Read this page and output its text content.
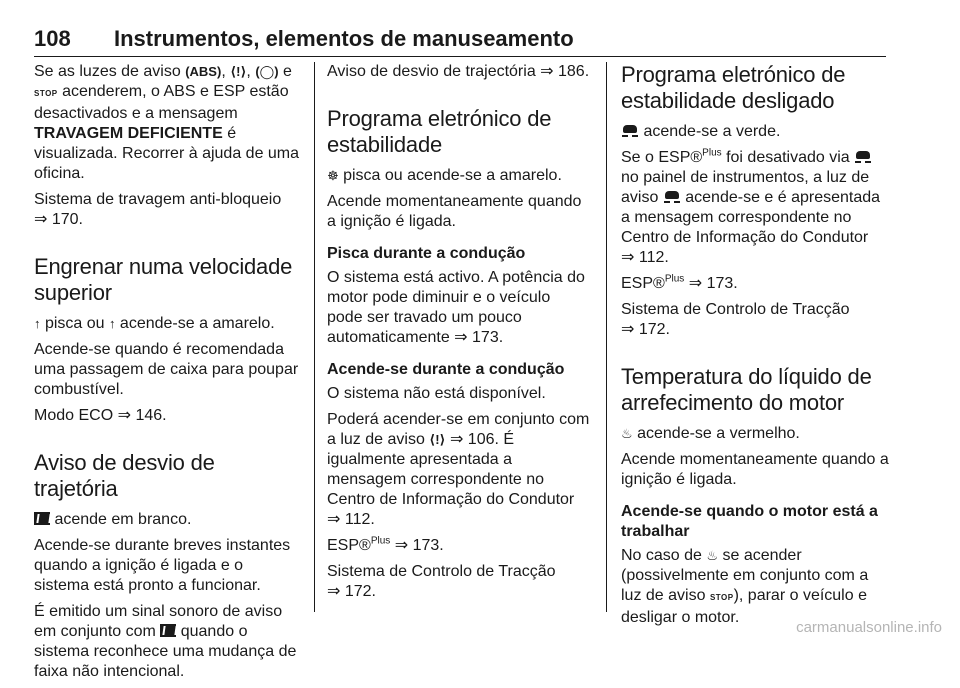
108 Instrumentos, elementos de manuseamento

Se as luzes de aviso (ABS), ⟨!⟩, (◯) e
STOP acenderem, o ABS e ESP estão desactivados e a mensagem TRAVAGEM DEFICIENTE é visualizada. Recorrer à ajuda de uma oficina.

Sistema de travagem anti-bloqueio
⇒ 170.

Engrenar numa velocidade superior

↑ pisca ou ↑ acende-se a amarelo.

Acende-se quando é recomendada uma passagem de caixa para poupar combustível.

Modo ECO ⇒ 146.

Aviso de desvio de trajetória

acende em branco.

Acende-se durante breves instantes quando a ignição é ligada e o sistema está pronto a funcionar.

É emitido um sinal sonoro de aviso em conjunto com  quando o sistema reconhece uma mudança de faixa não intencional.

Aviso de desvio de trajectória ⇒ 186.

Programa eletrónico de estabilidade

☸ pisca ou acende-se a amarelo.

Acende momentaneamente quando a ignição é ligada.

Pisca durante a condução

O sistema está activo. A potência do motor pode diminuir e o veículo pode ser travado um pouco automaticamente ⇒ 173.

Acende-se durante a condução

O sistema não está disponível.

Poderá acender-se em conjunto com a luz de aviso ⟨!⟩ ⇒ 106. É igualmente apresentada a mensagem correspondente no Centro de Informação do Condutor ⇒ 112.

ESP®$^{Plus}$ ⇒ 173.

Sistema de Controlo de Tracção
⇒ 172.

Programa eletrónico de estabilidade desligado

acende-se a verde.

Se o ESP®$^{Plus}$ foi desativado via  no painel de instrumentos, a luz de aviso  acende-se e é apresentada a mensagem correspondente no Centro de Informação do Condutor
⇒ 112.

ESP®$^{Plus}$ ⇒ 173.

Sistema de Controlo de Tracção
⇒ 172.

Temperatura do líquido de arrefecimento do motor

♨ acende-se a vermelho.

Acende momentaneamente quando a ignição é ligada.

Acende-se quando o motor está a trabalhar

No caso de ♨ se acender (possivelmente em conjunto com a luz de aviso STOP), parar o veículo e desligar o motor.

carmanualsonline.info
